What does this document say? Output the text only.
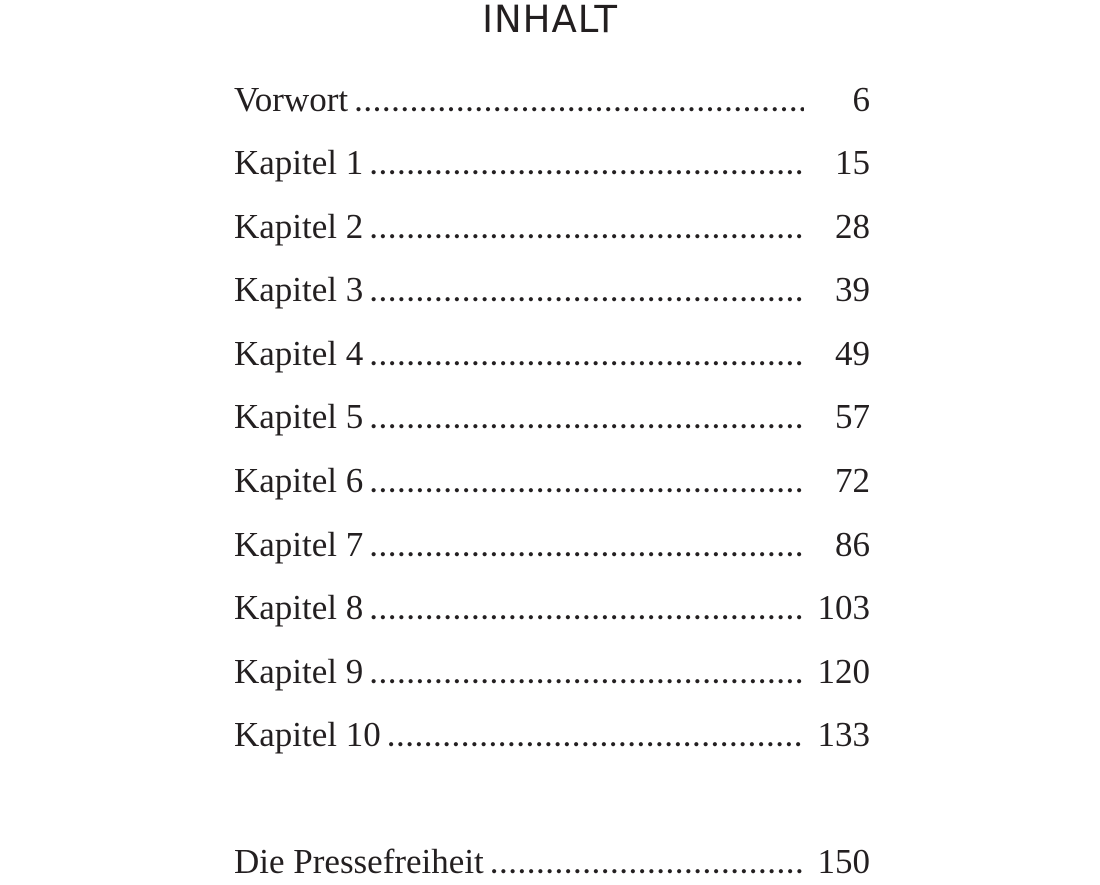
INHALT
Vorwort .....	6
Kapitel 1 .....	15
Kapitel 2 .....	28
Kapitel 3 .....	39
Kapitel 4 .....	49
Kapitel 5 .....	57
Kapitel 6 .....	72
Kapitel 7 .....	86
Kapitel 8 .....	103
Kapitel 9 .....	120
Kapitel 10 .....	133
Die Pressefreiheit .....	150
